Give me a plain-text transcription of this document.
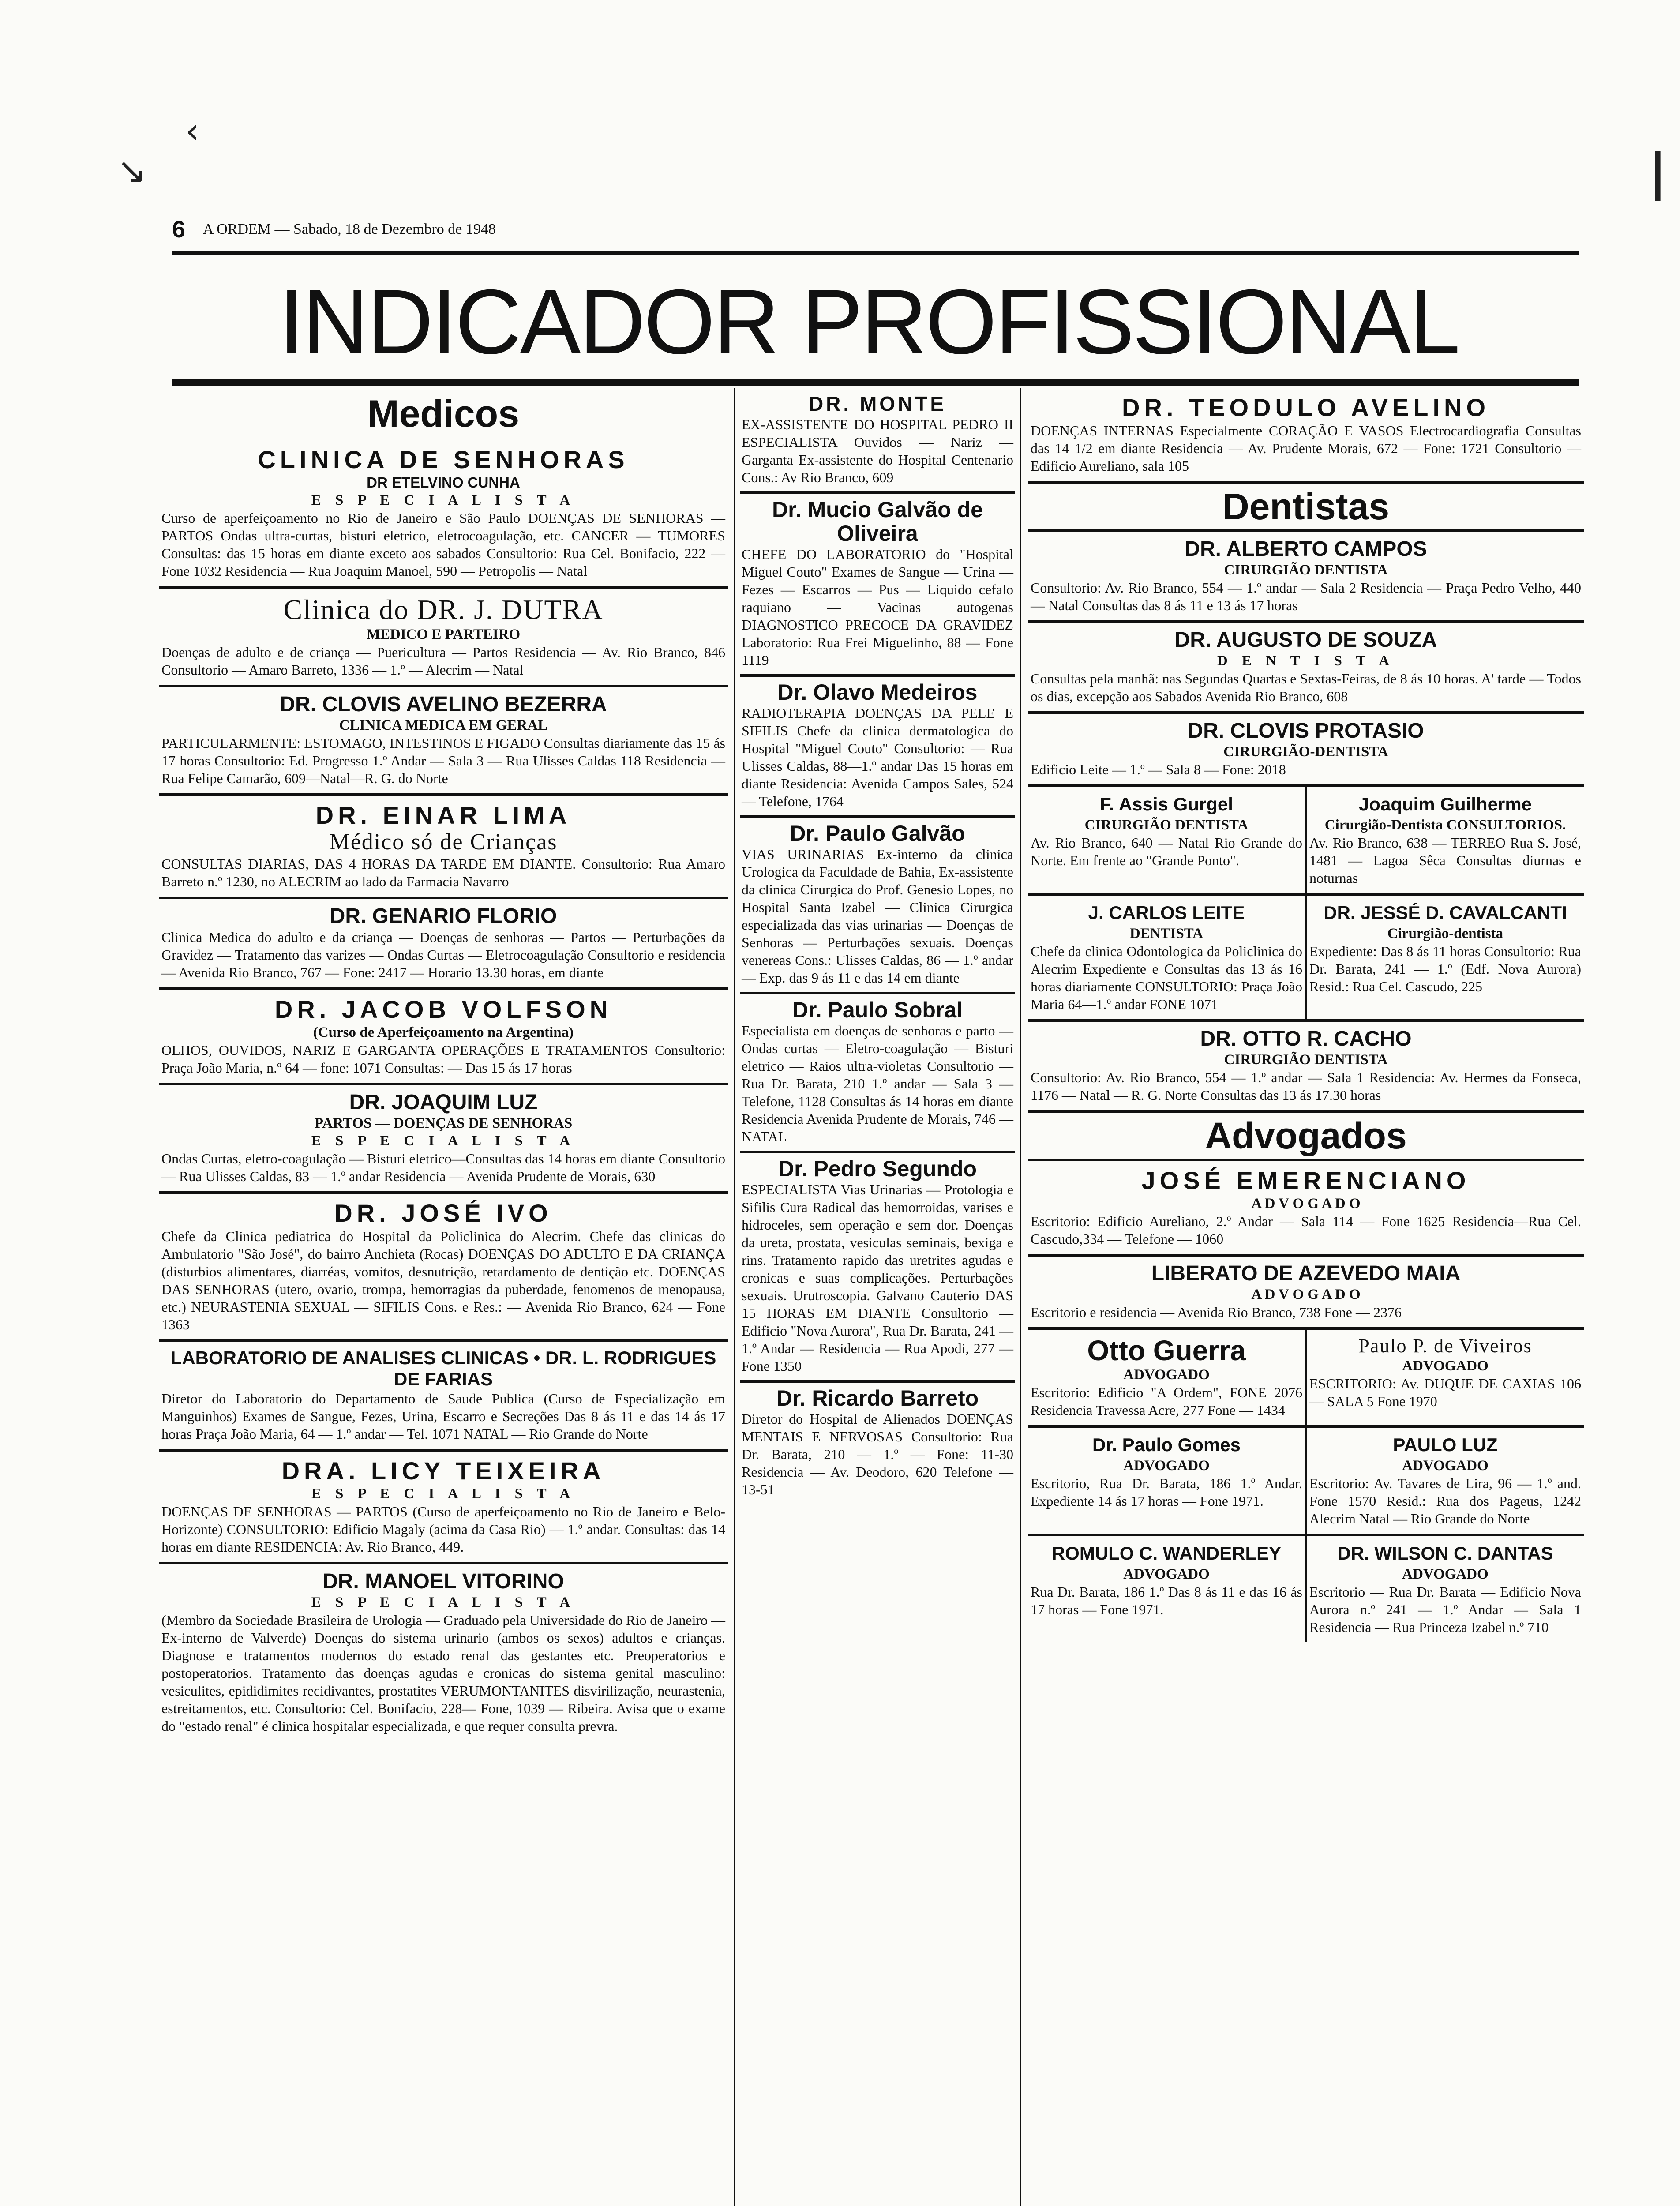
‹
↘	ǀ
6 A ORDEM — Sabado, 18 de Dezembro de 1948
INDICADOR PROFISSIONAL
Medicos
CLINICA DE SENHORAS
DR ETELVINO CUNHA
E S P E C I A L I S T A
Curso de aperfeiçoamento no Rio de Janeiro e São Paulo DOENÇAS DE SENHORAS — PARTOS Ondas ultra-curtas, bisturi eletrico, eletrocoagulação, etc. CANCER — TUMORES Consultas: das 15 horas em diante exceto aos sabados Consultorio: Rua Cel. Bonifacio, 222 — Fone 1032 Residencia — Rua Joaquim Manoel, 590 — Petropolis — Natal
Clinica do DR. J. DUTRA
MEDICO E PARTEIRO
Doenças de adulto e de criança — Puericultura — Partos Residencia — Av. Rio Branco, 846 Consultorio — Amaro Barreto, 1336 — 1.º — Alecrim — Natal
DR. CLOVIS AVELINO BEZERRA
CLINICA MEDICA EM GERAL
PARTICULARMENTE: ESTOMAGO, INTESTINOS E FIGADO Consultas diariamente das 15 ás 17 horas Consultorio: Ed. Progresso 1.º Andar — Sala 3 — Rua Ulisses Caldas 118 Residencia — Rua Felipe Camarão, 609—Natal—R. G. do Norte
DR. EINAR LIMA
Médico só de Crianças
CONSULTAS DIARIAS, DAS 4 HORAS DA TARDE EM DIANTE. Consultorio: Rua Amaro Barreto n.º 1230, no ALECRIM ao lado da Farmacia Navarro
DR. GENARIO FLORIO
Clinica Medica do adulto e da criança — Doenças de senhoras — Partos — Perturbações da Gravidez — Tratamento das varizes — Ondas Curtas — Eletrocoagulação Consultorio e residencia — Avenida Rio Branco, 767 — Fone: 2417 — Horario 13.30 horas, em diante
DR. JACOB VOLFSON
(Curso de Aperfeiçoamento na Argentina)
OLHOS, OUVIDOS, NARIZ E GARGANTA OPERAÇÕES E TRATAMENTOS Consultorio: Praça João Maria, n.º 64 — fone: 1071 Consultas: — Das 15 ás 17 horas
DR. JOAQUIM LUZ
PARTOS — DOENÇAS DE SENHORAS
E S P E C I A L I S T A
Ondas Curtas, eletro-coagulação — Bisturi eletrico—Consultas das 14 horas em diante Consultorio — Rua Ulisses Caldas, 83 — 1.º andar Residencia — Avenida Prudente de Morais, 630
DR. JOSÉ IVO
Chefe da Clinica pediatrica do Hospital da Policlinica do Alecrim. Chefe das clinicas do Ambulatorio "São José", do bairro Anchieta (Rocas) DOENÇAS DO ADULTO E DA CRIANÇA (disturbios alimentares, diarréas, vomitos, desnutrição, retardamento de dentição etc. DOENÇAS DAS SENHORAS (utero, ovario, trompa, hemorragias da puberdade, fenomenos de menopausa, etc.) NEURASTENIA SEXUAL — SIFILIS Cons. e Res.: — Avenida Rio Branco, 624 — Fone 1363
LABORATORIO DE ANALISES CLINICAS • DR. L. RODRIGUES DE FARIAS
Diretor do Laboratorio do Departamento de Saude Publica (Curso de Especialização em Manguinhos) Exames de Sangue, Fezes, Urina, Escarro e Secreções Das 8 ás 11 e das 14 ás 17 horas Praça João Maria, 64 — 1.º andar — Tel. 1071 NATAL — Rio Grande do Norte
DRA. LICY TEIXEIRA
E S P E C I A L I S T A
DOENÇAS DE SENHORAS — PARTOS (Curso de aperfeiçoamento no Rio de Janeiro e Belo-Horizonte) CONSULTORIO: Edificio Magaly (acima da Casa Rio) — 1.º andar. Consultas: das 14 horas em diante RESIDENCIA: Av. Rio Branco, 449.
DR. MANOEL VITORINO
E S P E C I A L I S T A
(Membro da Sociedade Brasileira de Urologia — Graduado pela Universidade do Rio de Janeiro — Ex-interno de Valverde) Doenças do sistema urinario (ambos os sexos) adultos e crianças. Diagnose e tratamentos modernos do estado renal das gestantes etc. Preoperatorios e postoperatorios. Tratamento das doenças agudas e cronicas do sistema genital masculino: vesiculites, epididimites recidivantes, prostatites VERUMONTANITES disvirilização, neurastenia, estreitamentos, etc. Consultorio: Cel. Bonifacio, 228— Fone, 1039 — Ribeira. Avisa que o exame do "estado renal" é clinica hospitalar especializada, e que requer consulta prevra.
DR. MONTE
EX-ASSISTENTE DO HOSPITAL PEDRO II ESPECIALISTA Ouvidos — Nariz — Garganta Ex-assistente do Hospital Centenario Cons.: Av Rio Branco, 609
Dr. Mucio Galvão de Oliveira
CHEFE DO LABORATORIO do "Hospital Miguel Couto" Exames de Sangue — Urina — Fezes — Escarros — Pus — Liquido cefalo raquiano — Vacinas autogenas DIAGNOSTICO PRECOCE DA GRAVIDEZ Laboratorio: Rua Frei Miguelinho, 88 — Fone 1119
Dr. Olavo Medeiros
RADIOTERAPIA DOENÇAS DA PELE E SIFILIS Chefe da clinica dermatologica do Hospital "Miguel Couto" Consultorio: — Rua Ulisses Caldas, 88—1.º andar Das 15 horas em diante Residencia: Avenida Campos Sales, 524 — Telefone, 1764
Dr. Paulo Galvão
VIAS URINARIAS Ex-interno da clinica Urologica da Faculdade de Bahia, Ex-assistente da clinica Cirurgica do Prof. Genesio Lopes, no Hospital Santa Izabel — Clinica Cirurgica especializada das vias urinarias — Doenças de Senhoras — Perturbações sexuais. Doenças venereas Cons.: Ulisses Caldas, 86 — 1.º andar — Exp. das 9 ás 11 e das 14 em diante
Dr. Paulo Sobral
Especialista em doenças de senhoras e parto — Ondas curtas — Eletro-coagulação — Bisturi eletrico — Raios ultra-violetas Consultorio — Rua Dr. Barata, 210 1.º andar — Sala 3 — Telefone, 1128 Consultas ás 14 horas em diante Residencia Avenida Prudente de Morais, 746 — NATAL
Dr. Pedro Segundo
ESPECIALISTA Vias Urinarias — Protologia e Sifilis Cura Radical das hemorroidas, varises e hidroceles, sem operação e sem dor. Doenças da ureta, prostata, vesiculas seminais, bexiga e rins. Tratamento rapido das uretrites agudas e cronicas e suas complicações. Perturbações sexuais. Urutroscopia. Galvano Cauterio DAS 15 HORAS EM DIANTE Consultorio — Edificio "Nova Aurora", Rua Dr. Barata, 241 — 1.º Andar — Residencia — Rua Apodi, 277 — Fone 1350
Dr. Ricardo Barreto
Diretor do Hospital de Alienados DOENÇAS MENTAIS E NERVOSAS Consultorio: Rua Dr. Barata, 210 — 1.º — Fone: 11-30 Residencia — Av. Deodoro, 620 Telefone — 13-51
DR. TEODULO AVELINO
DOENÇAS INTERNAS Especialmente CORAÇÃO E VASOS Electrocardiografia Consultas das 14 1/2 em diante Residencia — Av. Prudente Morais, 672 — Fone: 1721 Consultorio — Edificio Aureliano, sala 105
Dentistas
DR. ALBERTO CAMPOS
CIRURGIÃO DENTISTA
Consultorio: Av. Rio Branco, 554 — 1.º andar — Sala 2 Residencia — Praça Pedro Velho, 440 — Natal Consultas das 8 ás 11 e 13 ás 17 horas
DR. AUGUSTO DE SOUZA
D E N T I S T A
Consultas pela manhã: nas Segundas Quartas e Sextas-Feiras, de 8 ás 10 horas. A' tarde — Todos os dias, excepção aos Sabados Avenida Rio Branco, 608
DR. CLOVIS PROTASIO
CIRURGIÃO-DENTISTA
Edificio Leite — 1.º — Sala 8 — Fone: 2018
F. Assis Gurgel
CIRURGIÃO DENTISTA
Av. Rio Branco, 640 — Natal Rio Grande do Norte. Em frente ao "Grande Ponto".
Joaquim Guilherme
Cirurgião-Dentista CONSULTORIOS.
Av. Rio Branco, 638 — TERREO Rua S. José, 1481 — Lagoa Sêca Consultas diurnas e noturnas
J. CARLOS LEITE
DENTISTA
Chefe da clinica Odontologica da Policlinica do Alecrim Expediente e Consultas das 13 ás 16 horas diariamente CONSULTORIO: Praça João Maria 64—1.º andar FONE 1071
DR. JESSÉ D. CAVALCANTI
Cirurgião-dentista
Expediente: Das 8 ás 11 horas Consultorio: Rua Dr. Barata, 241 — 1.º (Edf. Nova Aurora) Resid.: Rua Cel. Cascudo, 225
DR. OTTO R. CACHO
CIRURGIÃO DENTISTA
Consultorio: Av. Rio Branco, 554 — 1.º andar — Sala 1 Residencia: Av. Hermes da Fonseca, 1176 — Natal — R. G. Norte Consultas das 13 ás 17.30 horas
Advogados
JOSÉ EMERENCIANO
A D V O G A D O
Escritorio: Edificio Aureliano, 2.º Andar — Sala 114 — Fone 1625 Residencia—Rua Cel. Cascudo,334 — Telefone — 1060
LIBERATO DE AZEVEDO MAIA
A D V O G A D O
Escritorio e residencia — Avenida Rio Branco, 738 Fone — 2376
Otto Guerra
ADVOGADO
Escritorio: Edificio "A Ordem", FONE 2076 Residencia Travessa Acre, 277 Fone — 1434
Paulo P. de Viveiros
ADVOGADO
ESCRITORIO: Av. DUQUE DE CAXIAS 106 — SALA 5 Fone 1970
Dr. Paulo Gomes
ADVOGADO
Escritorio, Rua Dr. Barata, 186 1.º Andar. Expediente 14 ás 17 horas — Fone 1971.
PAULO LUZ
ADVOGADO
Escritorio: Av. Tavares de Lira, 96 — 1.º and. Fone 1570 Resid.: Rua dos Pageus, 1242 Alecrim Natal — Rio Grande do Norte
ROMULO C. WANDERLEY
ADVOGADO
Rua Dr. Barata, 186 1.º Das 8 ás 11 e das 16 ás 17 horas — Fone 1971.
DR. WILSON C. DANTAS
ADVOGADO
Escritorio — Rua Dr. Barata — Edificio Nova Aurora n.º 241 — 1.º Andar — Sala 1 Residencia — Rua Princeza Izabel n.º 710
